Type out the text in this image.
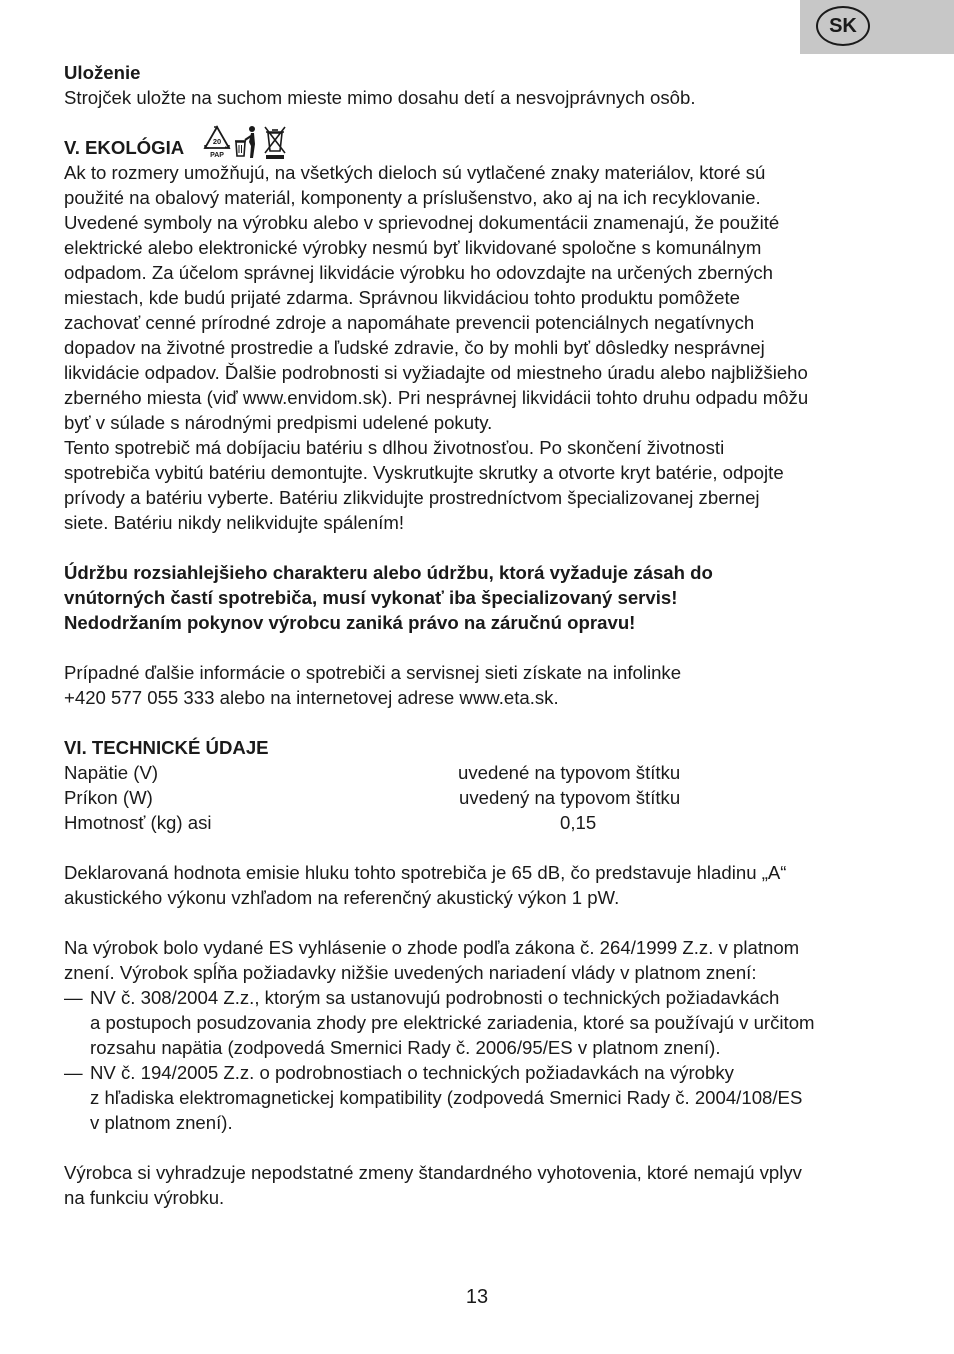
SK

Uloženie

Strojček uložte na suchom mieste mimo dosahu detí a nesvojprávnych osôb.

V. EKOLÓGIA	20
PAP

Ak to rozmery umožňujú, na všetkých dieloch sú vytlačené znaky materiálov, ktoré sú

použité na obalový materiál, komponenty a príslušenstvo, ako aj na ich recyklovanie.

Uvedené symboly na výrobku alebo v sprievodnej dokumentácii znamenajú, že použité

elektrické alebo elektronické výrobky nesmú byť likvidované spoločne s komunálnym

odpadom. Za účelom správnej likvidácie výrobku ho odovzdajte na určených zberných

miestach, kde budú prijaté zdarma. Správnou likvidáciou tohto produktu pomôžete

zachovať cenné prírodné zdroje a napomáhate prevencii potenciálnych negatívnych

dopadov na životné prostredie a ľudské zdravie, čo by mohli byť dôsledky nesprávnej

likvidácie odpadov. Ďalšie podrobnosti si vyžiadajte od miestneho úradu alebo najbližšieho

zberného miesta (viď www.envidom.sk). Pri nesprávnej likvidácii tohto druhu odpadu môžu

byť v súlade s národnými predpismi udelené pokuty.

Tento spotrebič má dobíjaciu batériu s dlhou životnosťou. Po skončení životnosti

spotrebiča vybitú batériu demontujte. Vyskrutkujte skrutky a otvorte kryt batérie, odpojte

prívody a batériu vyberte. Batériu zlikvidujte prostredníctvom špecializovanej zbernej

siete. Batériu nikdy nelikvidujte spálením!

Údržbu rozsiahlejšieho charakteru alebo údržbu, ktorá vyžaduje zásah do

vnútorných častí spotrebiča, musí vykonať iba špecializovaný servis!

Nedodržaním pokynov výrobcu zaniká právo na záručnú opravu!

Prípadné ďalšie informácie o spotrebiči a servisnej sieti získate na infolinke

+420 577 055 333 alebo na internetovej adrese www.eta.sk.

VI. TECHNICKÉ ÚDAJE

Napätie (V)	uvedené na typovom štítku
Príkon (W)	uvedený na typovom štítku
Hmotnosť (kg) asi	0,15

Deklarovaná hodnota emisie hluku tohto spotrebiča je 65 dB, čo predstavuje hladinu „A“

akustického výkonu vzhľadom na referenčný akustický výkon 1 pW.

Na výrobok bolo vydané ES vyhlásenie o zhode podľa zákona č. 264/1999 Z.z. v platnom

znení. Výrobok spĺňa požiadavky nižšie uvedených nariadení vlády v platnom znení:

— NV č. 308/2004 Z.z., ktorým sa ustanovujú podrobnosti o technických požiadavkách

a postupoch posudzovania zhody pre elektrické zariadenia, ktoré sa používajú v určitom

rozsahu napätia (zodpovedá Smernici Rady č. 2006/95/ES v platnom znení).

— NV č. 194/2005 Z.z. o podrobnostiach o technických požiadavkách na výrobky

z hľadiska elektromagnetickej kompatibility (zodpovedá Smernici Rady č. 2004/108/ES

v platnom znení).

Výrobca si vyhradzuje nepodstatné zmeny štandardného vyhotovenia, ktoré nemajú vplyv

na funkciu výrobku.

13
